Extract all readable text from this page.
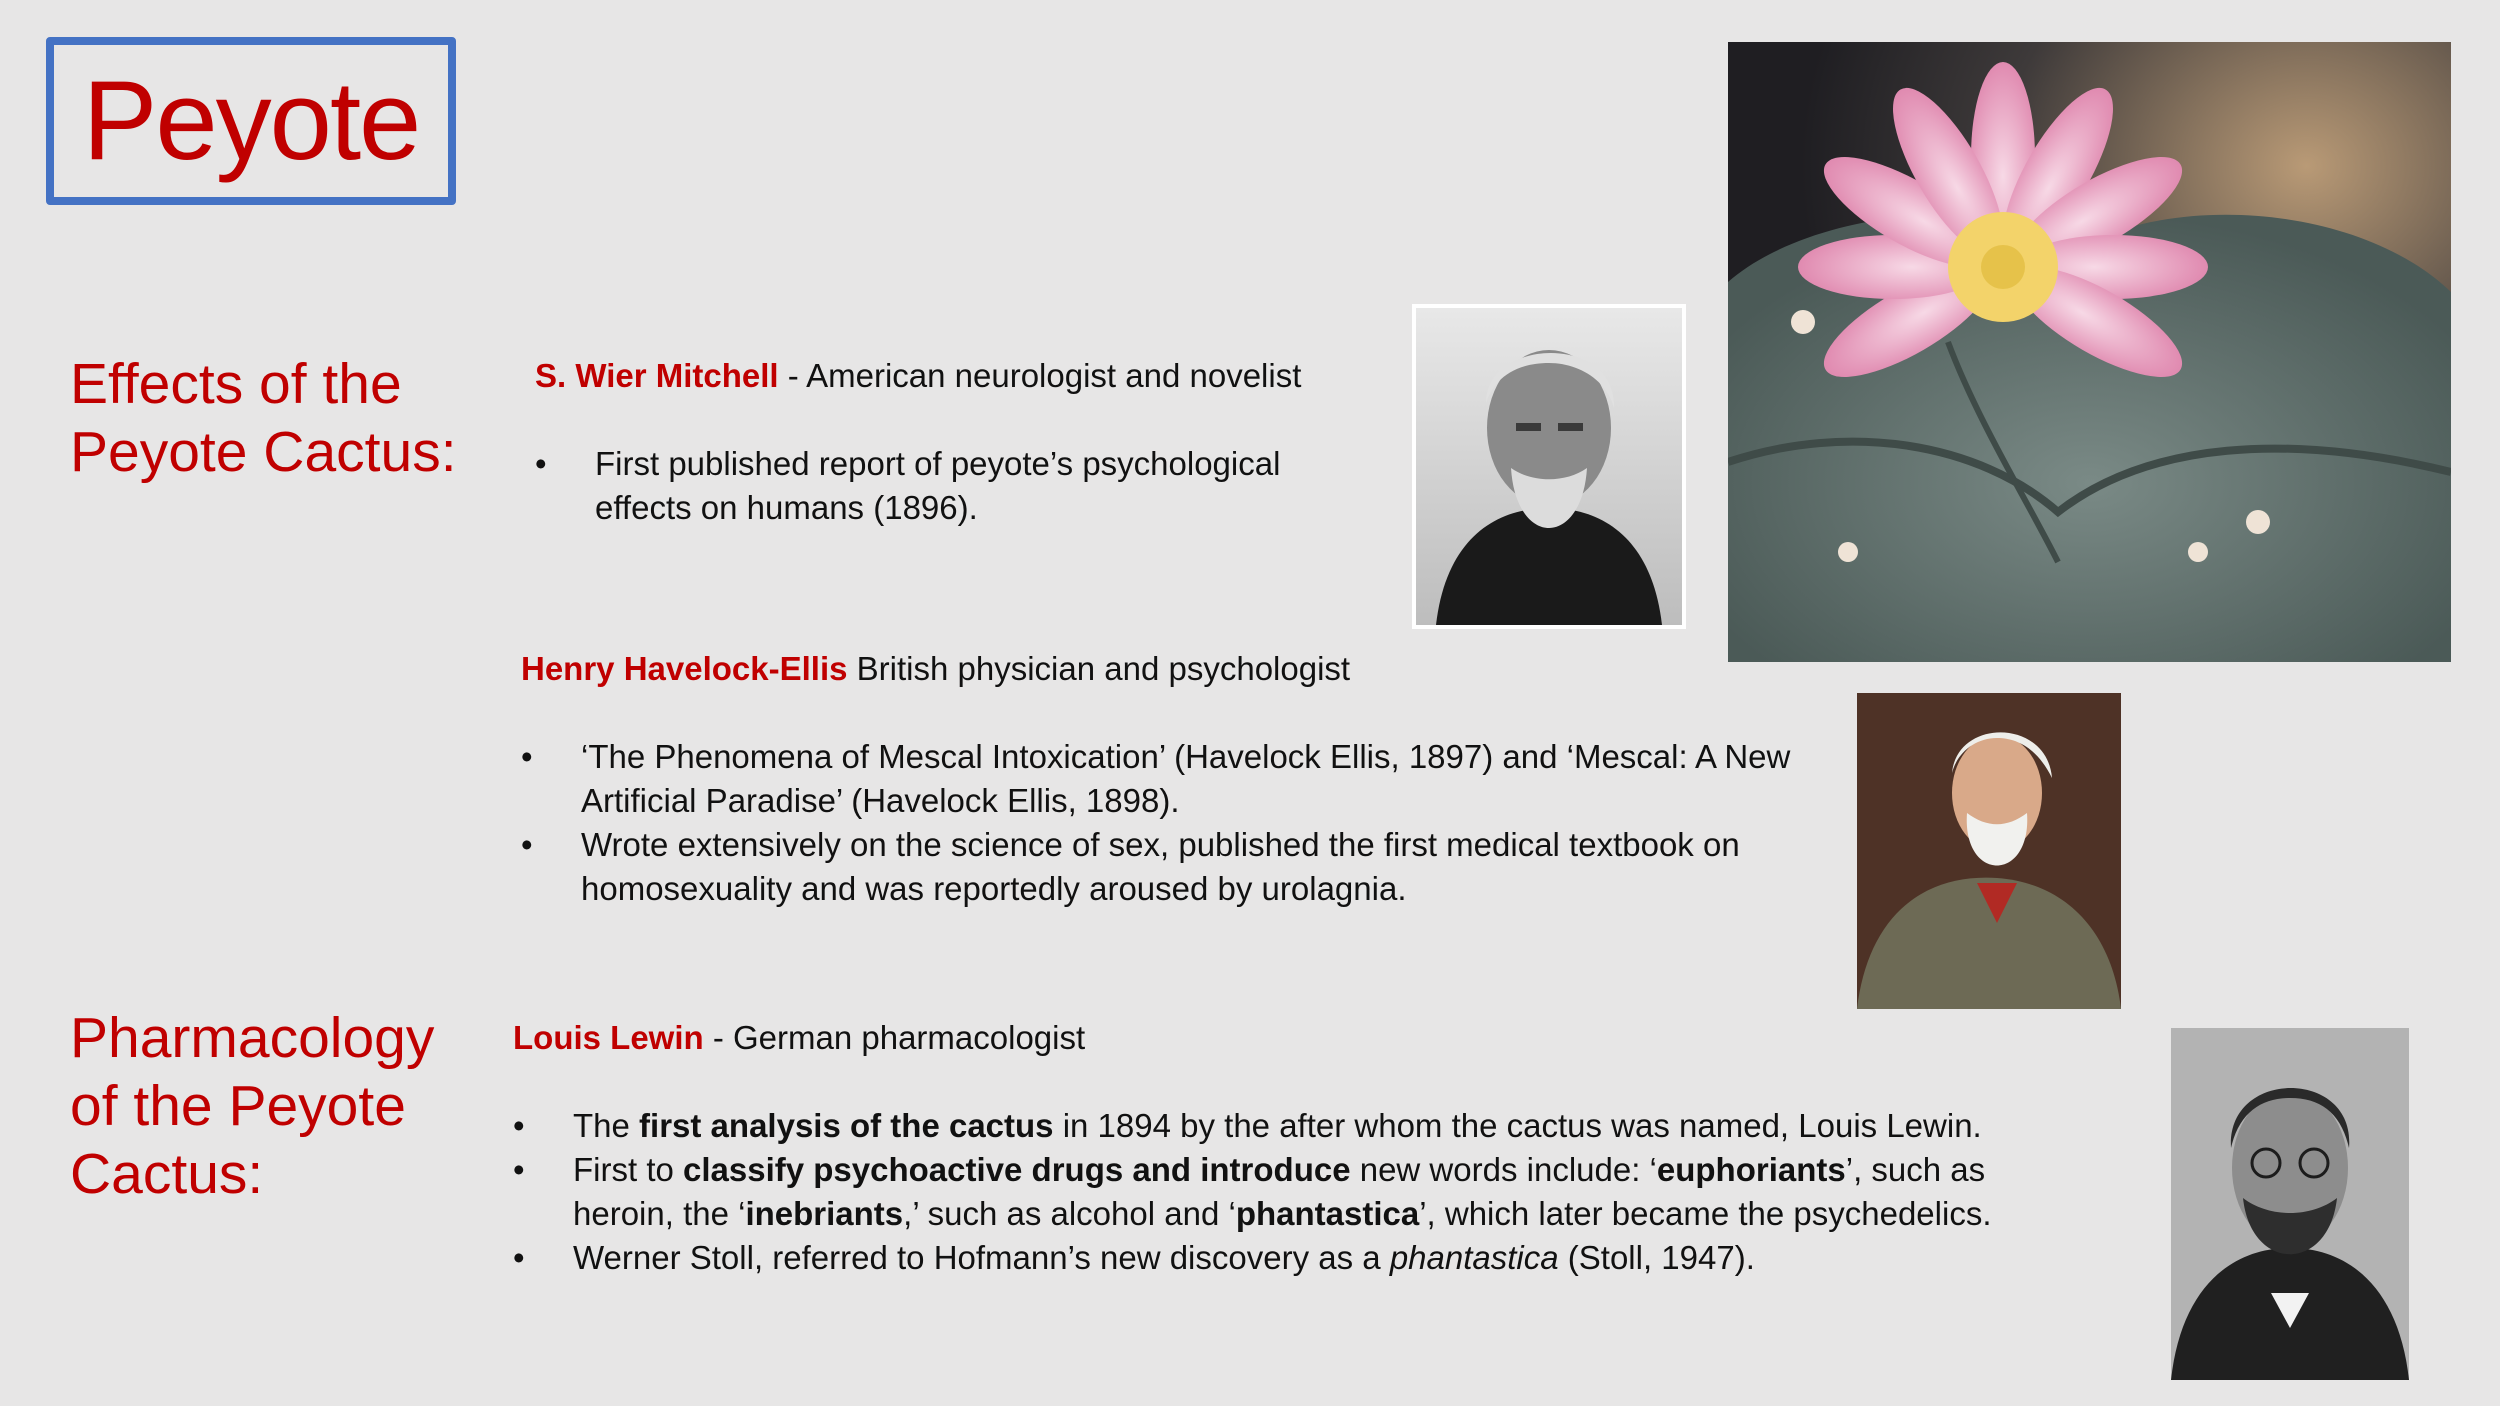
Peyote
Effects of the
Peyote Cactus:
S. Wier Mitchell - American neurologist and novelist
• First published report of peyote’s psychological effects on humans (1896).
Henry Havelock-Ellis British physician and psychologist
• ‘The Phenomena of Mescal Intoxication’ (Havelock Ellis, 1897) and ‘Mescal: A New Artificial Paradise’ (Havelock Ellis, 1898).
• Wrote extensively on the science of sex, published the first medical textbook on homosexuality and was reportedly aroused by urolagnia.
Pharmacology
of the Peyote
Cactus:
Louis Lewin - German pharmacologist
• The first analysis of the cactus in 1894 by the after whom the cactus was named, Louis Lewin.
• First to classify psychoactive drugs and introduce new words include: ‘euphoriants’, such as heroin, the ‘inebriants,’ such as alcohol and ‘phantastica’, which later became the psychedelics.
• Werner Stoll, referred to Hofmann’s new discovery as a phantastica (Stoll, 1947).
